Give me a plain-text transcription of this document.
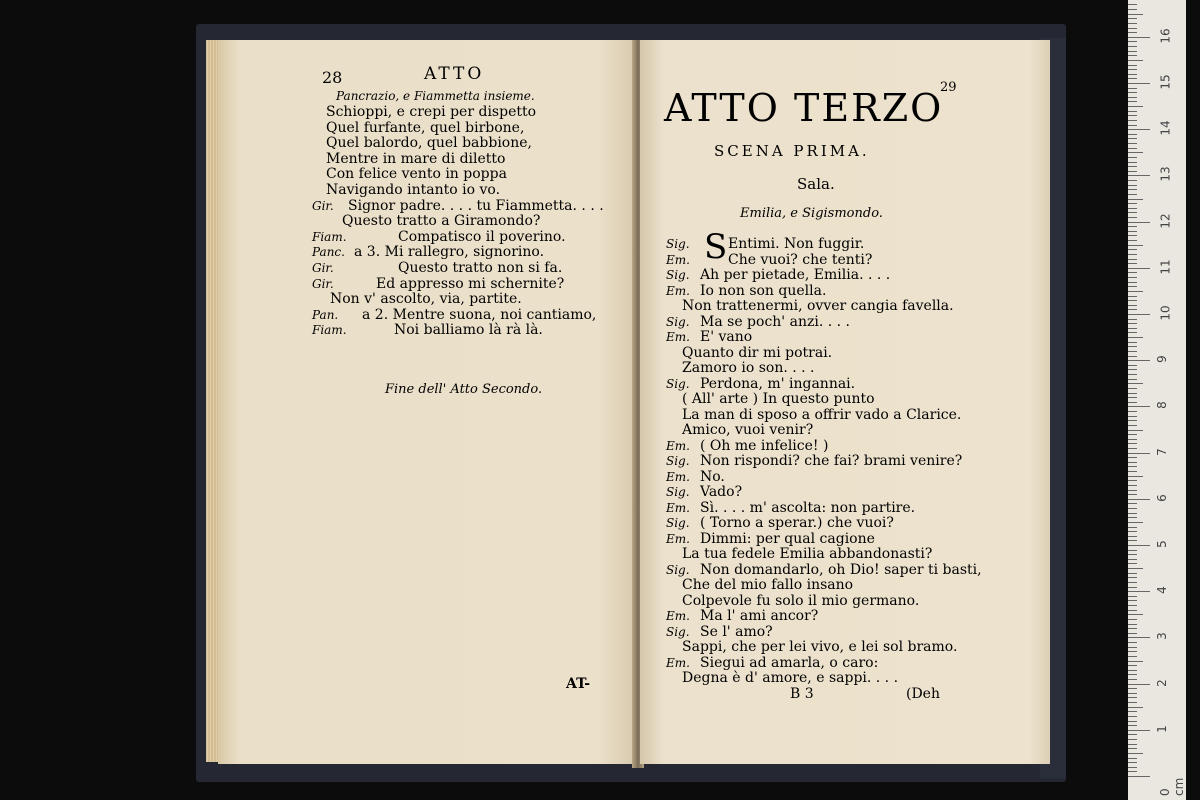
28	ATTO
Pancrazio, e Fiammetta insieme.
Schioppi, e crepi per dispetto
Quel furfante, quel birbone,
Quel balordo, quel babbione,
Mentre in mare di diletto
Con felice vento in poppa
Navigando intanto io vo.
Gir. Signor padre. . . . tu Fiammetta. . . .
Questo tratto a Giramondo?
Fiam.	Compatisco il poverino.
Panc. a 3. Mi rallegro, signorino.
Gir.	Questo tratto non si fa.
Gir.	Ed appresso mi schernite?
Non v' ascolto, via, partite.
Pan. a 2. Mentre suona, noi cantiamo,
Fiam.	Noi balliamo là rà là.
Fine dell' Atto Secondo.
AT-
29
ATTO TERZO
SCENA PRIMA.
Sala.
Emilia, e Sigismondo.
S
Sig.	Entimi. Non fuggir.
Em.	Che vuoi? che tenti?
Sig. Ah per pietade, Emilia. . . .
Em. Io non son quella.
Non trattenermi, ovver cangia favella.
Sig. Ma se poch' anzi. . . .
Em. E' vano
Quanto dir mi potrai.
Zamoro io son. . . .
Sig. Perdona, m' ingannai.
( All' arte ) In questo punto
La man di sposo a offrir vado a Clarice.
Amico, vuoi venir?
Em. ( Oh me infelice! )
Sig. Non rispondi? che fai? brami venire?
Em. No.
Sig. Vado?
Em. Sì. . . . m' ascolta: non partire.
Sig. ( Torno a sperar.) che vuoi?
Em. Dimmi: per qual cagione
La tua fedele Emilia abbandonasti?
Sig. Non domandarlo, oh Dio! saper ti basti,
Che del mio fallo insano
Colpevole fu solo il mio germano.
Em. Ma l' ami ancor?
Sig. Se l' amo?
Sappi, che per lei vivo, e lei sol bramo.
Em. Siegui ad amarla, o caro:
Degna è d' amore, e sappi. . . .
B 3	(Deh
0 cm
1
2
3
4
5
6
7
8
9
10
11
12
13
14
15
16
